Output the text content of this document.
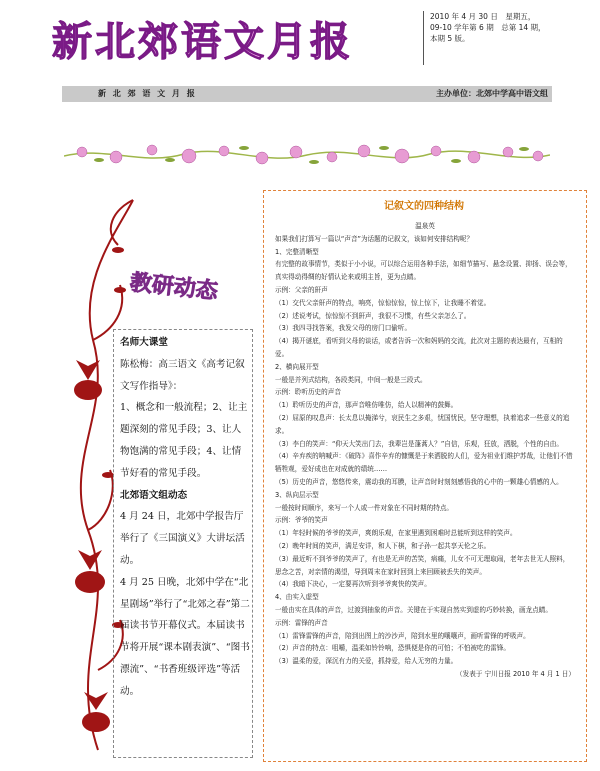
新北郊语文月报
2010 年 4 月 30 日　星期五，
09-10 学年第 6 期　总第 14 期，
本期 5 版。
新 北 郊 语 文 月 报	主办单位：北郊中学高中语文组
教研动态

名师大课堂

陈松梅：高三语文《高考记叙文写作指导》：

1、概念和一般流程；2、让主题深刻的常见手段；3、让人物饱满的常见手段；4、让情节好看的常见手段。

北郊语文组动态

4 月 24 日，北郊中学报告厅举行了《三国演义》大讲坛活动。

4 月 25 日晚，北郊中学在“北星剧场”举行了“北郊之春”第二届读书节开幕仪式。本届读书节将开展“课本剧表演”、“图书漂流”、“书香班级评选”等活动。

记叙文的四种结构

温泉英

如果我们打算写一篇以“声音”为话题的记叙文，该如何安排结构呢？

1、完整清晰型

有完整的故事情节，类似于小小说，可以综合运用各种手法，如细节描写、悬念设置、抑扬、误会等，真实得动得绸的好情认论来或明主旨，更为点睛。

示例：父亲的鼾声

（1）交代父亲鼾声的特点，响亮，惊惊惊惊，惊上惊下，让我睡不着觉。

（2）述说考试，惊惊惊不到鼾声，我很不习惯，有些父亲怎么了。

（3）我四寻找答案，我发父母的房门口偷听。

（4）揭开谜底，看听到父母的谈话，或者告诉一次和妈妈的交流，此次对主题的表达最有，互相的爱。

2、横向展开型

一般是并列式结构，各段类同，中间一般是三段式。

示例：聆听历史的声音

（1）聆听历史的声音，那声音唯仿唯仿，给人以精神的鼓舞。

（2）屈原的叹息声：长太息以掩涕兮，哀民生之多艰，忧国忧民，坚守理想，执着追求一些意义的追求。

（3）李白的笑声：“仰天大笑出门去，我辈岂是蓬蒿人？”自信，乐观，狂放，洒脱，个性的自由。

（4）辛弃疾的呐喊声：《破阵》喜作辛弃的慷慨是于来洒脱的人们，爱为祖业们维护苏哉，让他们不惜牺牲观，爱好成也在对成就的绩统……

（5）历史的声音，悠悠传来，震动我的耳膜，让声音时时刻刻感悟我的心中的一颗雄心情感的人。

3、纵向层示型

一般按时间顺序，来写一个人或一件对象在不同时期的特点。

示例：爷爷的笑声

（1）年轻时候的爷爷的笑声，爽朗乐观，在家里遇到困难时总能听到这样的笑声。

（2）晚年时间的笑声，满足安详，和人下棋，和子孙一起共享天伦之乐。

（3）最近听不到爷爷的笑声了，有也是无声的苦笑，病痛，儿女不可无理取闹，老年去世无人照料，思念之苦，对亲情的渴望，导到周末在家时回到上来回顾被丢失的笑声。

（4）我暗下决心，一定要再次听到爷爷爽快的笑声。

4、由实入虚型

一般由实在具体的声音，过渡到抽象的声音。关键在于实现自然实到虚的巧妙转换，画龙点睛。

示例：雷锋的声音

（1）雷锋雷锋的声音，陪到出图上的沙沙声，陪到水里的嚷嚷声，画听雷锋的呼吸声。

（2）声音的特点：咀嚼，温柔如铃铃响，恐惧便是你的可怕；不怕被吃的雷锋。

（3）温柔的爱，深沉有力的关爱，抓持爱，给人无穷的力量。

（发表于 宁川日报 2010 年 4 月 1 日）
